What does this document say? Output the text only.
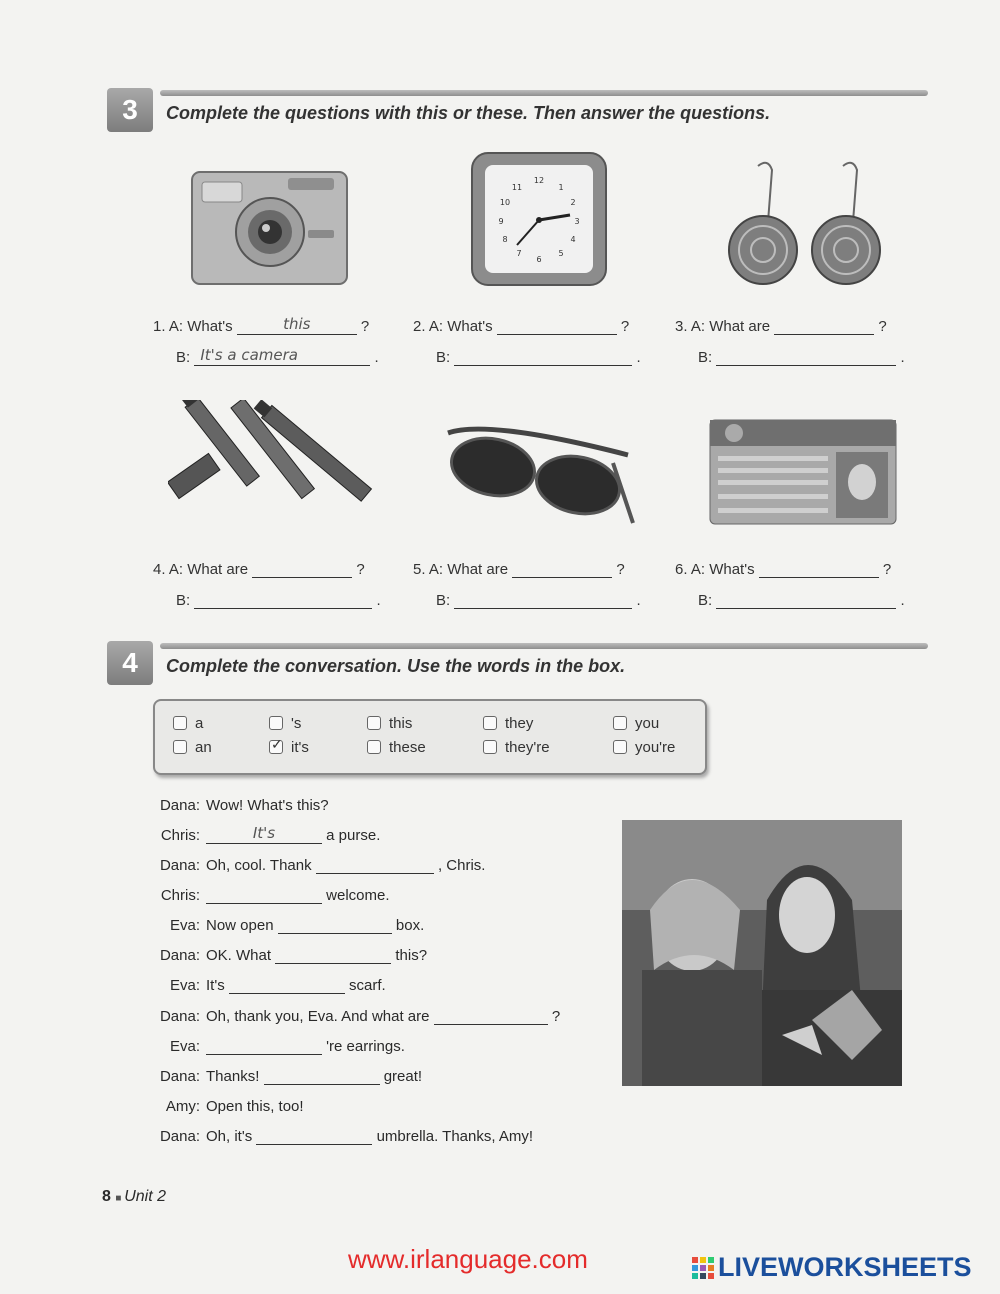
3	Complete the questions with this or these. Then answer the questions.
12
1
2
3
4
5
6
7
8
9
10
11
1. A: What's	this	?
B: It's a camera	.
2. A: What's	?
B:	.
3. A: What are	?
B:	.
4. A: What are	?
B:	.
5. A: What are	?
B:	.
6. A: What's	?
B:	.
4	Complete the conversation. Use the words in the box.
a	's	this	they	you
an	✓ it's	these	they're	you're
Dana: Wow! What's this?
Chris:	It's	a purse.
Dana: Oh, cool. Thank	, Chris.
Chris:	welcome.
Eva: Now open	box.
Dana: OK. What	this?
Eva: It's	scarf.
Dana: Oh, thank you, Eva. And what are	?
Eva:	're earrings.
Dana: Thanks!	great!
Amy: Open this, too!
Dana: Oh, it's	umbrella. Thanks, Amy!
8 ■ Unit 2
www.irlanguage.com	LIVEWORKSHEETS
